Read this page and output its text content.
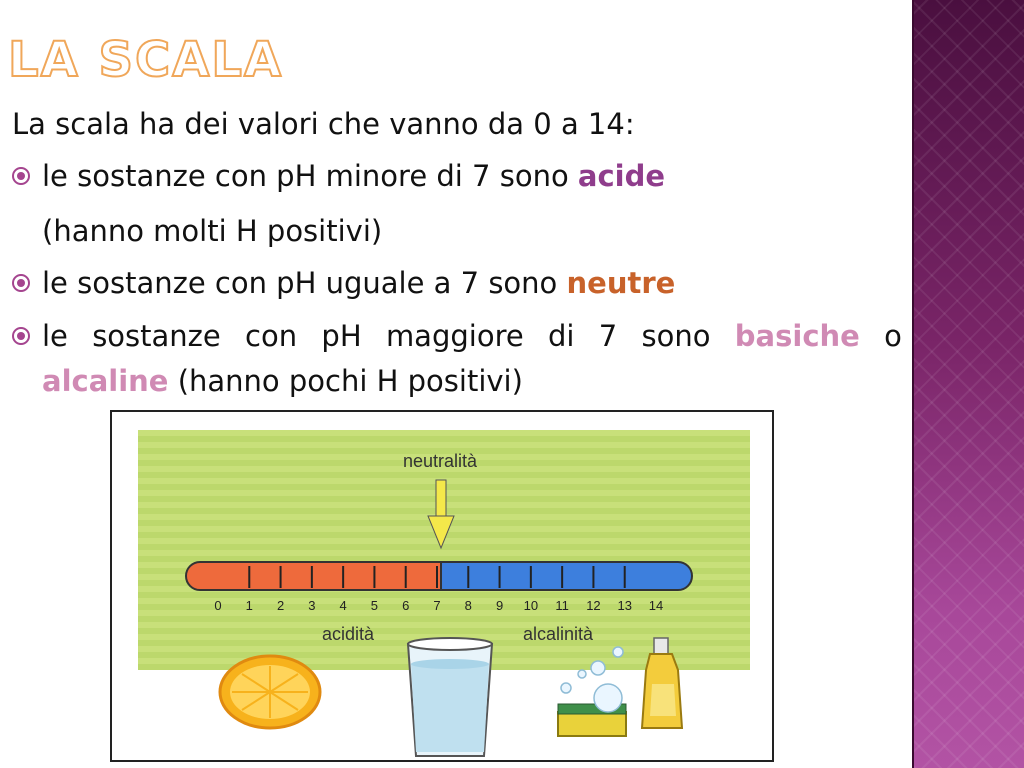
LA SCALA
La scala ha dei valori che vanno da 0 a 14:
le sostanze con pH minore di 7 sono acide
(hanno molti H positivi)
le sostanze con pH uguale a 7 sono neutre
le sostanze con pH maggiore di 7 sono basiche o
alcaline (hanno pochi H positivi)
neutralità
0 1 2 3 4 5 6 7 8 9 10 11 12 13 14
acidità	alcalinità
